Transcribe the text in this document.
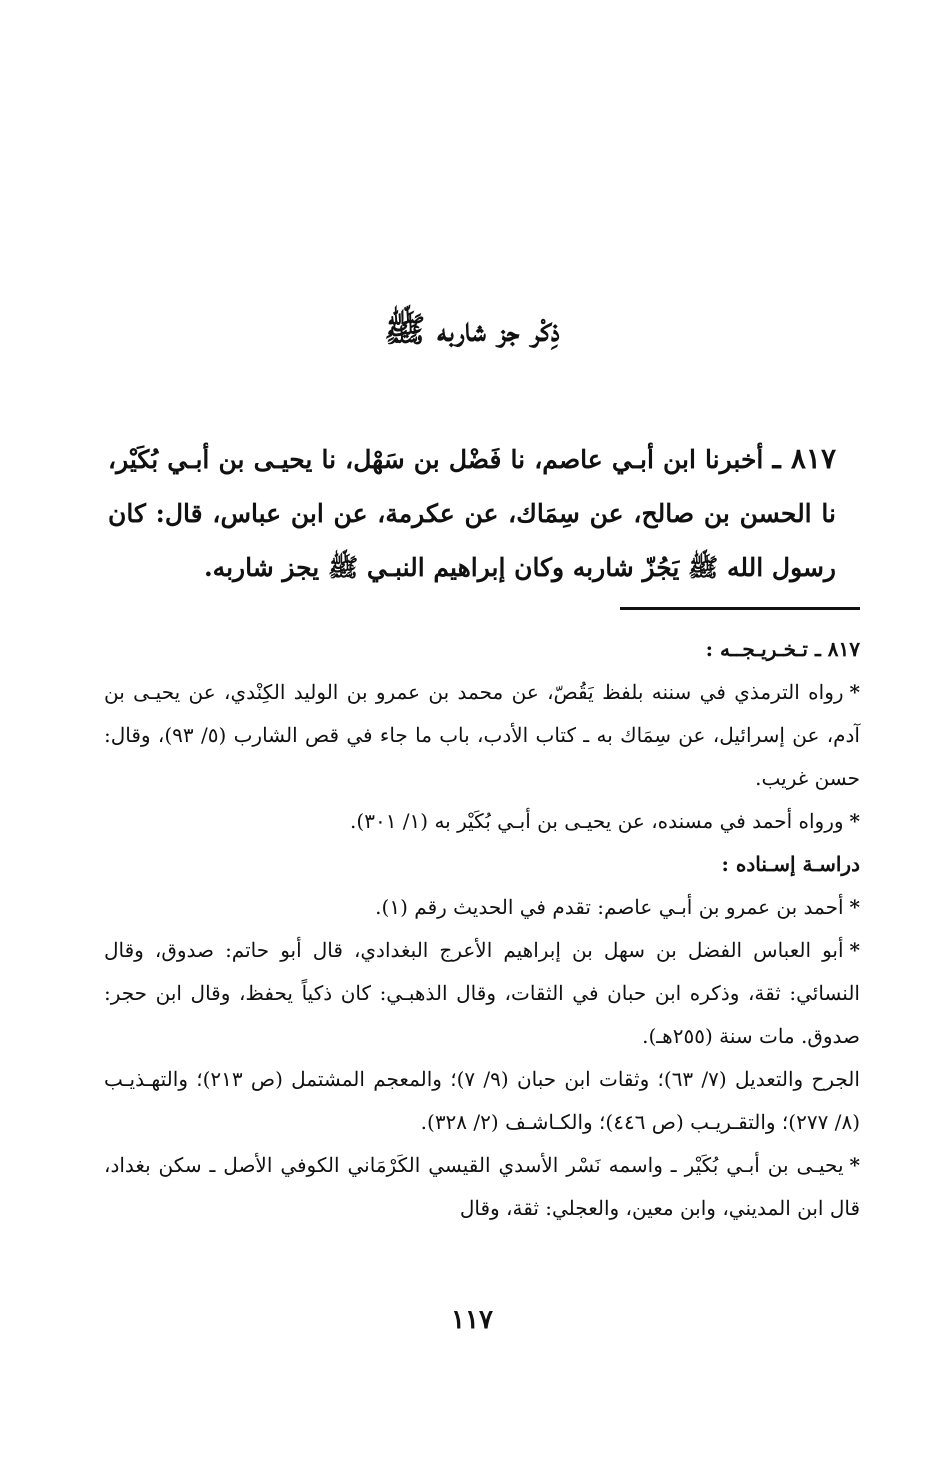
ذِكْر جز شاربه ﷺ
٨١٧ ـ أخبرنا ابن أبـي عاصم، نا فَضْل بن سَهْل، نا يحيـى بن أبـي بُكَيْر، نا الحسن بن صالح، عن سِمَاك، عن عكرمة، عن ابن عباس، قال: كان رسول الله ﷺ يَجُزّ شاربه وكان إبراهيم النبـي ﷺ يجز شاربه.

٨١٧ ـ تـخـريـجــه :

*رواه الترمذي في سننه بلفظ يَقُصّ، عن محمد بن عمرو بن الوليد الكِنْدي، عن يحيـى بن آدم، عن إسرائيل، عن سِمَاك به ـ كتاب الأدب، باب ما جاء في قص الشارب (٥/ ٩٣)، وقال: حسن غريب.

*ورواه أحمد في مسنده، عن يحيـى بن أبـي بُكَيْر به (١/ ٣٠١).

دراسـة إسـناده :

*أحمد بن عمرو بن أبـي عاصم: تقدم في الحديث رقم (١).

*أبو العباس الفضل بن سهل بن إبراهيم الأعرج البغدادي، قال أبو حاتم: صدوق، وقال النسائي: ثقة، وذكره ابن حبان في الثقات، وقال الذهبـي: كان ذكياً يحفظ، وقال ابن حجر: صدوق. مات سنة (٢٥٥هـ).

الجرح والتعديل (٧/ ٦٣)؛ وثقات ابن حبان (٩/ ٧)؛ والمعجم المشتمل (ص ٢١٣)؛ والتهـذيـب (٨/ ٢٧٧)؛ والتقـريـب (ص ٤٤٦)؛ والكـاشـف (٢/ ٣٢٨).

*يحيـى بن أبـي بُكَيْر ـ واسمه نَسْر الأسدي القيسي الكَرْمَاني الكوفي الأصل ـ سكن بغداد، قال ابن المديني، وابن معين، والعجلي: ثقة، وقال

١١٧
